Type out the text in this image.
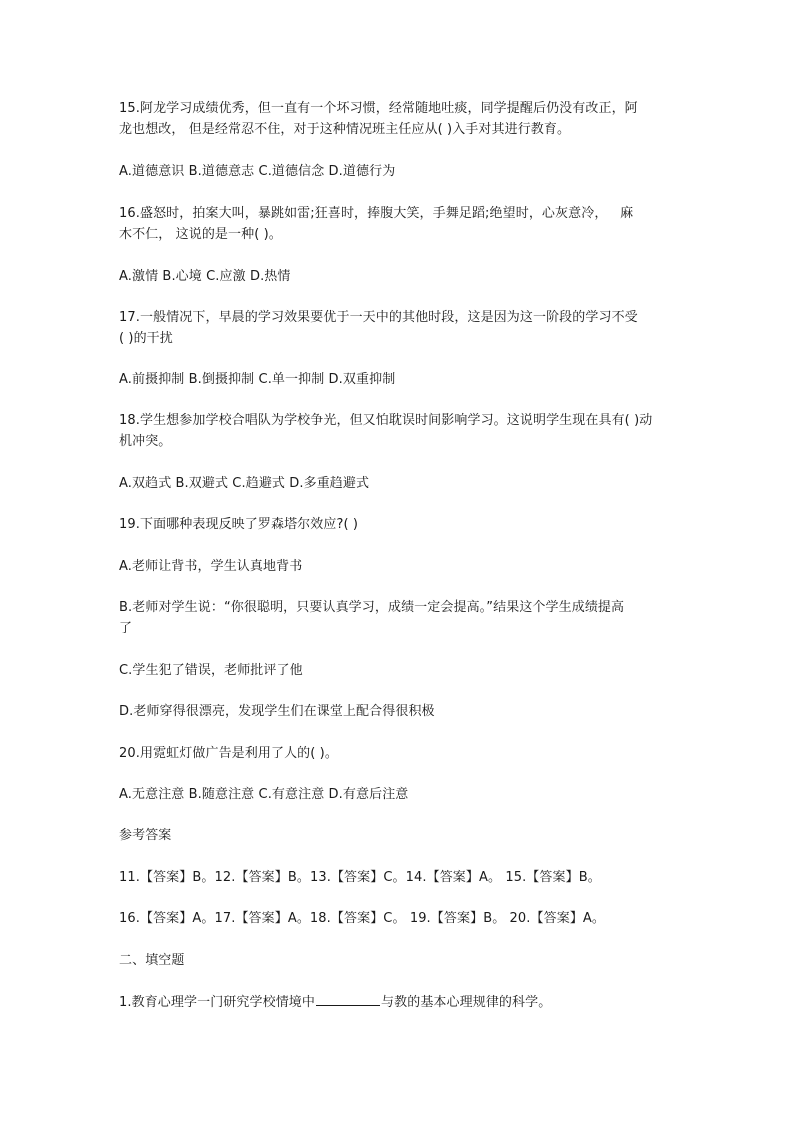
15.阿龙学习成绩优秀，但一直有一个坏习惯，经常随地吐痰，同学提醒后仍没有改正，阿
龙也想改， 但是经常忍不住，对于这种情况班主任应从( )入手对其进行教育。
A.道德意识 B.道德意志 C.道德信念 D.道德行为
16.盛怒时，拍案大叫，暴跳如雷;狂喜时，捧腹大笑，手舞足蹈;绝望时，心灰意冷，   麻
木不仁， 这说的是一种( )。
A.激情 B.心境 C.应激 D.热情
17.一般情况下，早晨的学习效果要优于一天中的其他时段，这是因为这一阶段的学习不受
( )的干扰
A.前摄抑制 B.倒摄抑制 C.单一抑制 D.双重抑制
18.学生想参加学校合唱队为学校争光，但又怕耽误时间影响学习。这说明学生现在具有( )动
机冲突。
A.双趋式 B.双避式 C.趋避式 D.多重趋避式
19.下面哪种表现反映了罗森塔尔效应?( )
A.老师让背书，学生认真地背书
B.老师对学生说：“你很聪明，只要认真学习，成绩一定会提高。”结果这个学生成绩提高
了
C.学生犯了错误，老师批评了他
D.老师穿得很漂亮，发现学生们在课堂上配合得很积极
20.用霓虹灯做广告是利用了人的( )。
A.无意注意 B.随意注意 C.有意注意 D.有意后注意
参考答案
11.【答案】B。12.【答案】B。13.【答案】C。14.【答案】A。 15.【答案】B。
16.【答案】A。17.【答案】A。18.【答案】C。 19.【答案】B。 20.【答案】A。
二、填空题
1.教育心理学一门研究学校情境中	与教的基本心理规律的科学。
